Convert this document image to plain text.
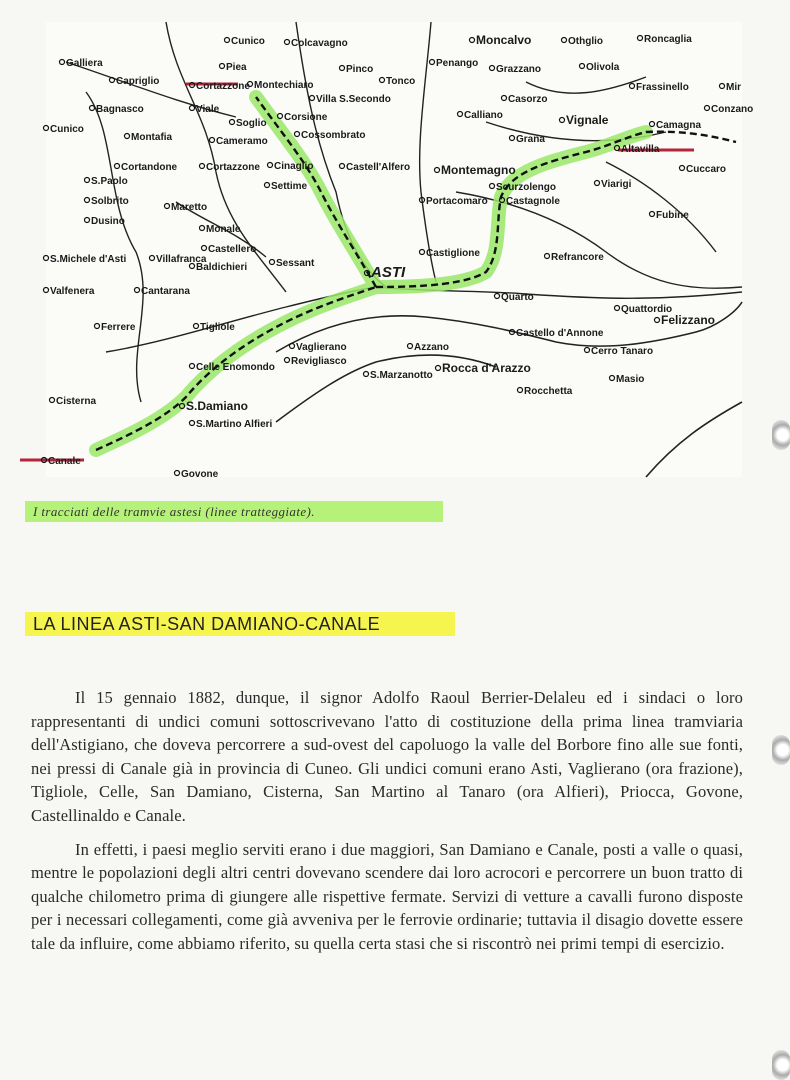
Cunico	Colcavagno	Moncalvo	Othglio	Roncaglia
Galliera	Piea	Pinco
Penango
Grazzano	Olivola
Capriglio	Cortazzone Montechiaro
Villa S.Secondo
Tonco
Casorzo
Frassinello	Mir
Bagnasco	Viale
Soglio
Corsione
Cossombrato
Calliano	Vignale	Camagna
Conzano
Montafia	Cameramo	Grana
Altavilla
Cortandone	Cortazzone Cinaglio	Castell'Alfero	Montemagno	Cuccaro
S.Paolo
Solbrito
Cunico
Settime	Scurzolengo	Viarigi
Dusino
Maretto
Portacomaro Castagnole
Fubine
Monale
Castellero	Castiglione	Refrancore
S.Michele d'Asti	Villafranca
Baldichieri	Sessant
ASTI
Felizzano
Valfenera	Cantarana
Quarto
Quattordio
Ferrere	Tigliole
Castello d'Annone
Vaglierano
Celle Enomondo
Revigliasco
Azzano
Rocca d'Arazzo
Cerro Tanaro
S.Marzanotto	Masio
Cisterna
Rocchetta
S.Damiano
S.Martino Alfieri
Canale
Govone
I tracciati delle tramvie astesi (linee tratteggiate).
LA LINEA ASTI-SAN DAMIANO-CANALE

Il 15 gennaio 1882, dunque, il signor Adolfo Raoul Berrier-Delaleu ed i sindaci o loro rappresentanti di undici comuni sottoscrivevano l'atto di costituzione della prima linea tramviaria dell'Astigiano, che doveva percorrere a sud-ovest del capoluogo la valle del Borbore fino alle sue fonti, nei pressi di Canale già in provincia di Cuneo. Gli undici comuni erano Asti, Vaglierano (ora frazione), Tigliole, Celle, San Damiano, Cisterna, San Martino al Tanaro (ora Alfieri), Priocca, Govone, Castellinaldo e Canale.

In effetti, i paesi meglio serviti erano i due maggiori, San Damiano e Canale, posti a valle o quasi, mentre le popolazioni degli altri centri dovevano scendere dai loro acrocori e percorrere un buon tratto di qualche chilometro prima di giungere alle rispettive fermate. Servizi di vetture a cavalli furono disposte per i necessari collegamenti, come già avveniva per le ferrovie ordinarie; tuttavia il disagio dovette essere tale da influire, come abbiamo riferito, su quella certa stasi che si riscontrò nei primi tempi di esercizio.
